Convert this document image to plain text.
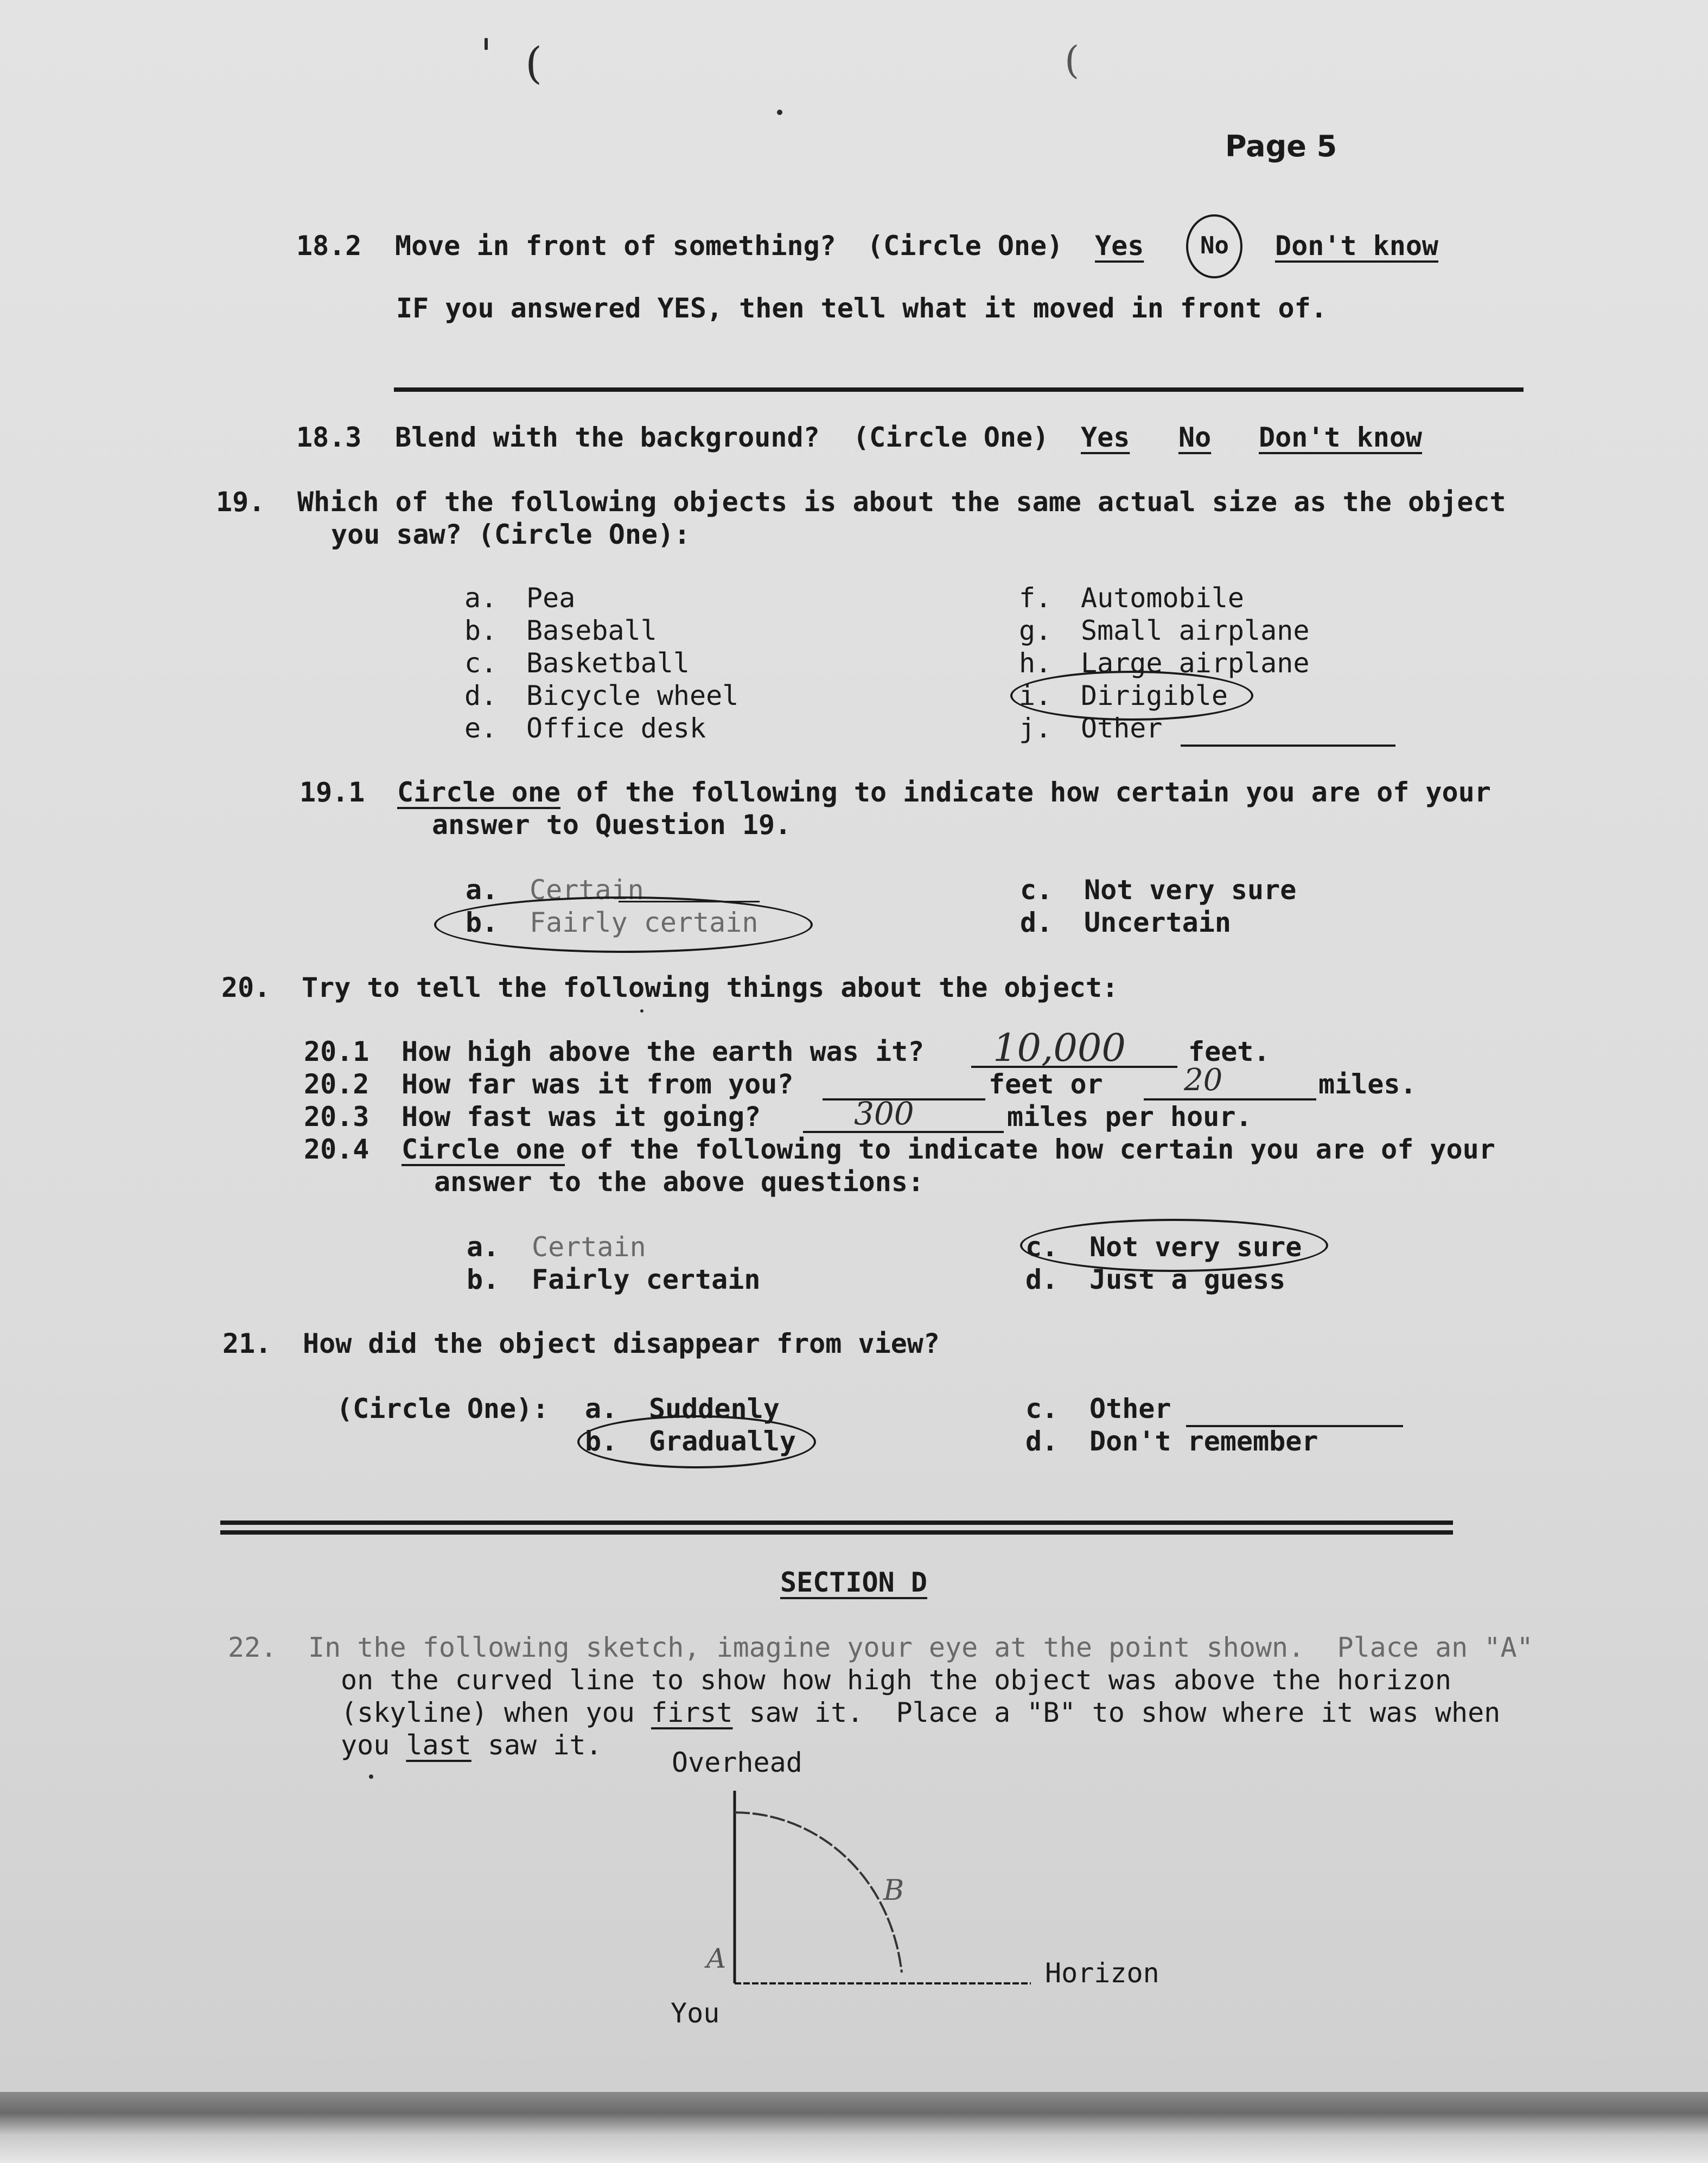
(	(
Page 5
18.2 Move in front of something? (Circle One) Yes No Don't know
IF you answered YES, then tell what it moved in front of.
18.3 Blend with the background? (Circle One) Yes No Don't know
19. Which of the following objects is about the same actual size as the object
you saw? (Circle One):
a. Pea
b. Baseball
c. Basketball
d. Bicycle wheel
e. Office desk
f. Automobile
g. Small airplane
h. Large airplane
i. Dirigible
j. Other
19.1 Circle one
of the following to indicate how certain you are of your
answer to Question 19.
a. Certain
b. Fairly certain
c. Not very sure
d. Uncertain
20. Try to tell the following things about the object:
20.1 How high above the earth was it? 10,000 feet.
20.2 How far was it from you?	feet or	20	miles.
20.3 How fast was it going?	300	miles per hour.
20.4 Circle one
of the following to indicate how certain you are of your
answer to the above questions:
a. Certain
b. Fairly certain
c. Not very sure
d. Just a guess
21. How did the object disappear from view?
(Circle One): a. Suddenly
b. Gradually
c. Other
d. Don't remember
SECTION D
22. In the following sketch, imagine your eye at the point shown.  Place an "A"
on the curved line to show how high the object was above the horizon
(skyline) when you first saw it.  Place a "B" to show where it was when
you last saw it.
Overhead
Horizon
You
A
B
